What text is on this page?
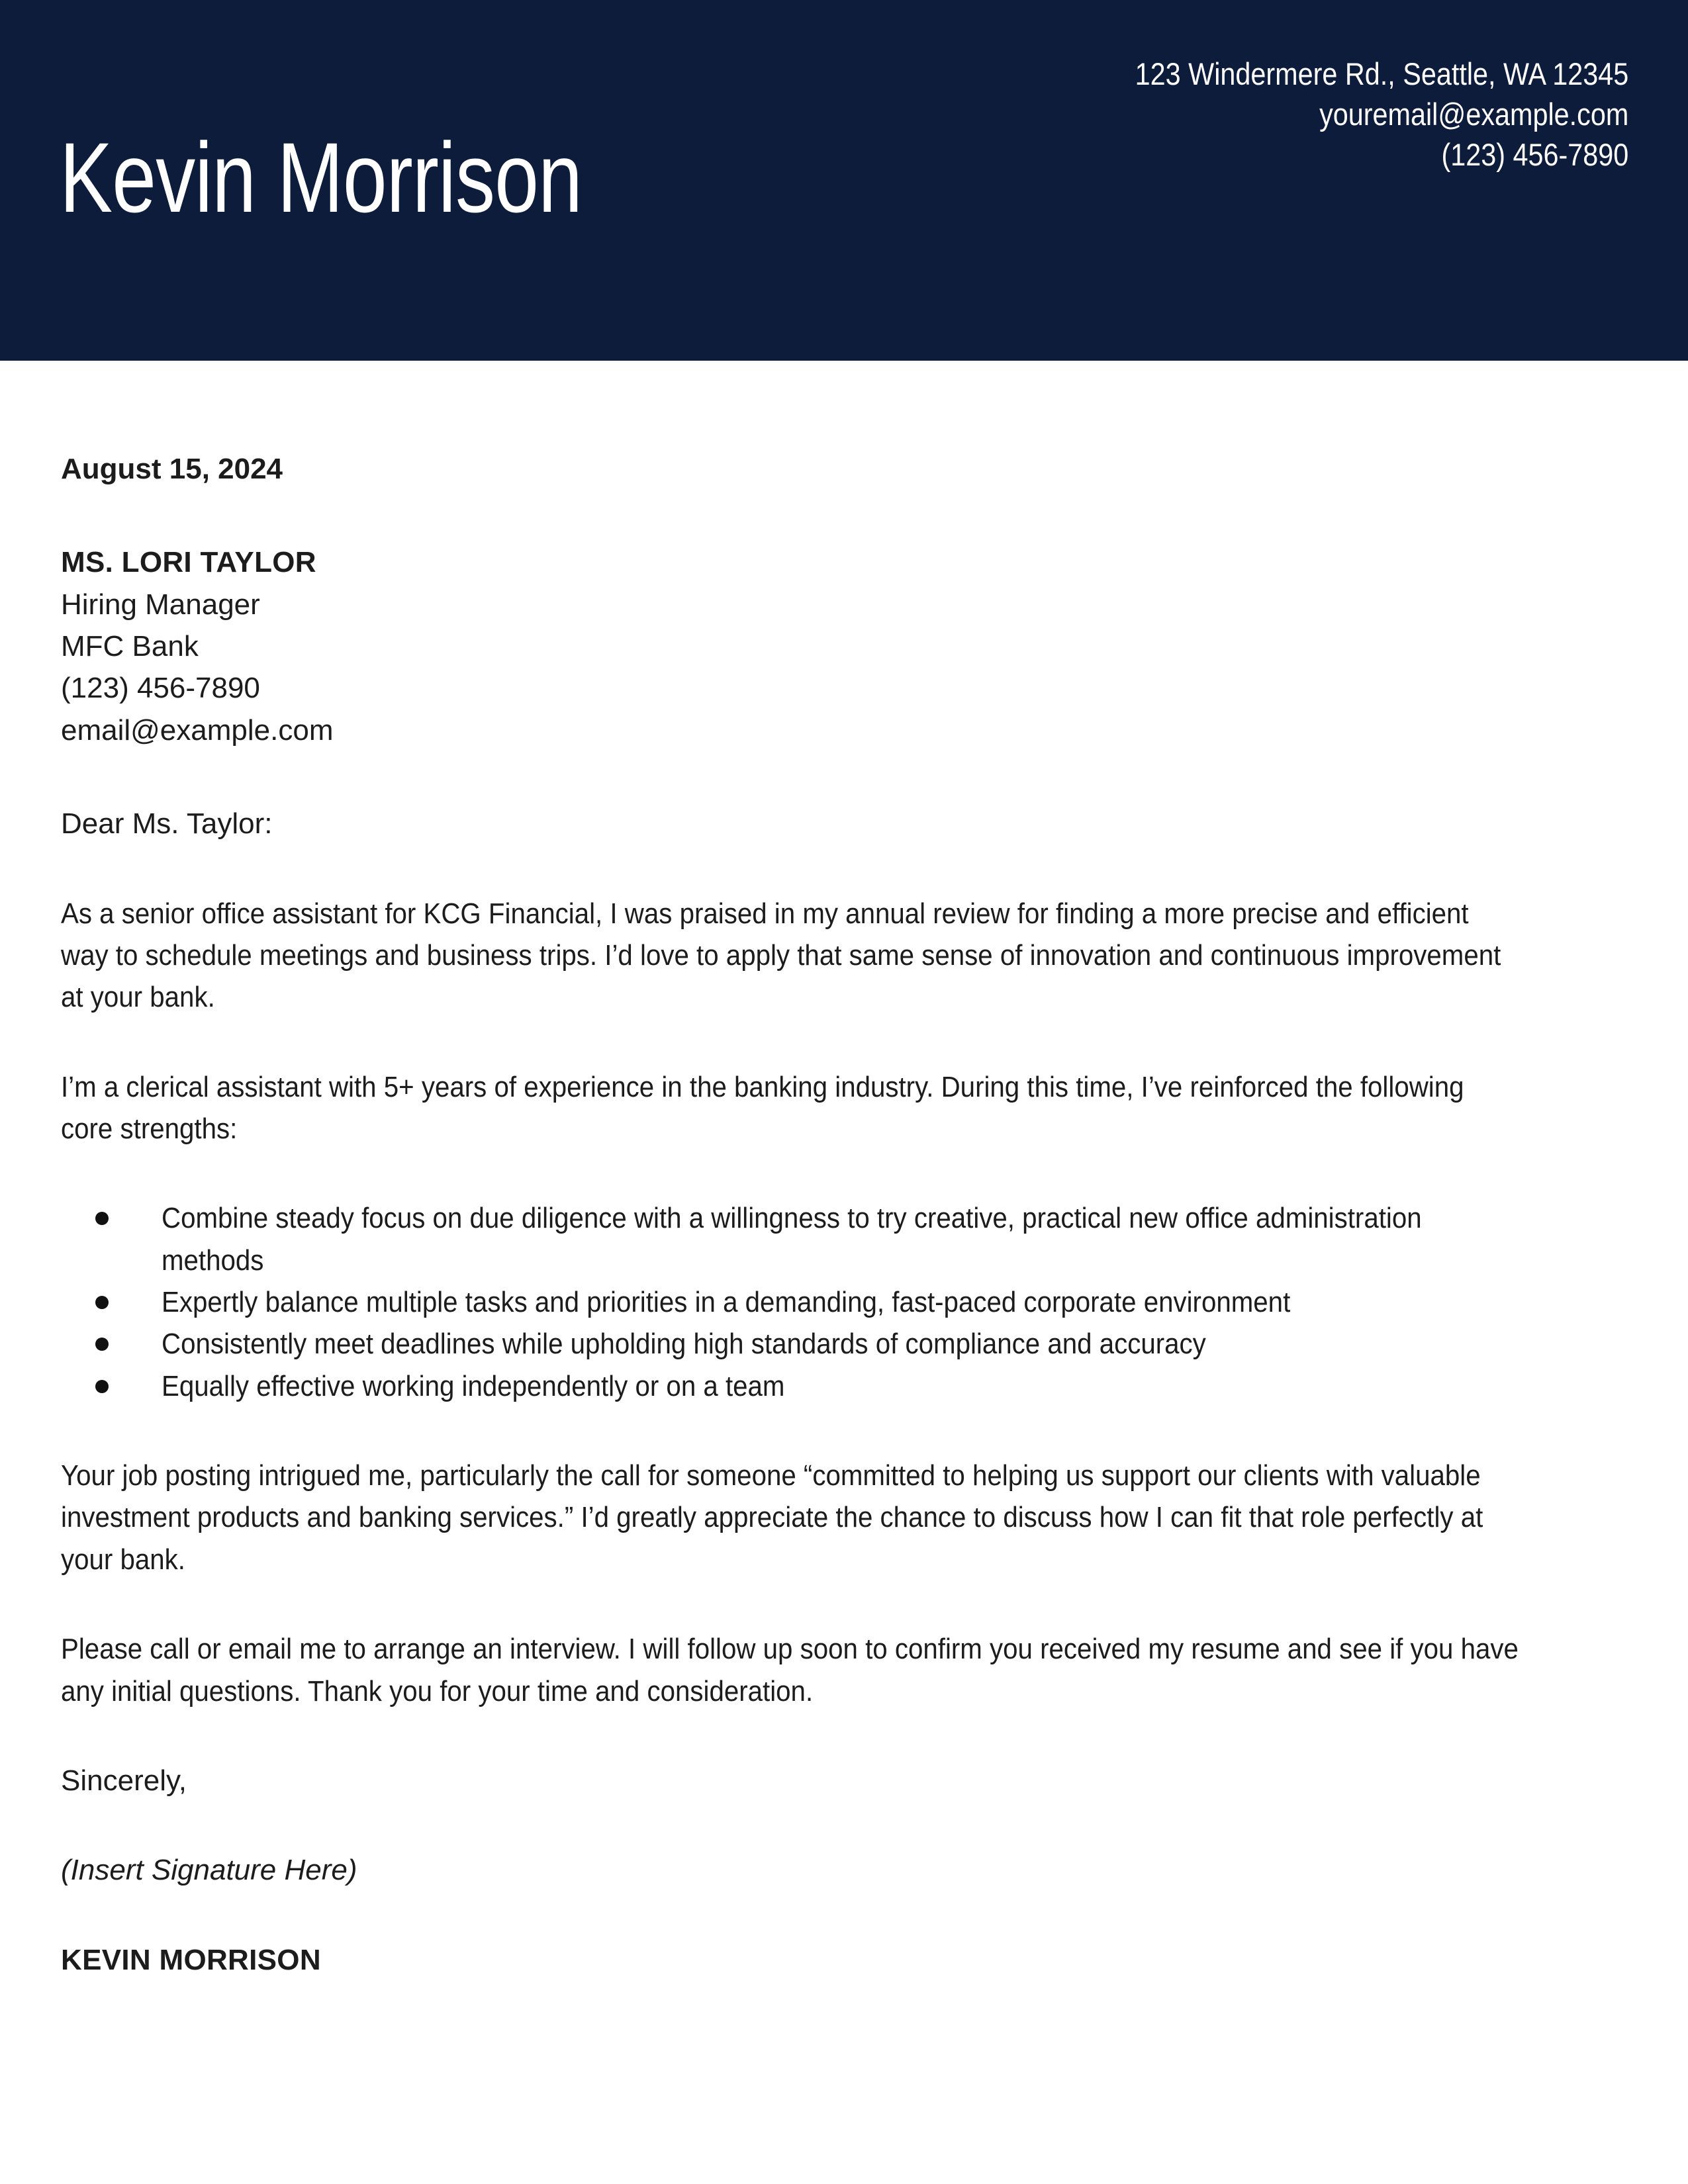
Kevin Morrison
123 Windermere Rd., Seattle, WA 12345
youremail@example.com
(123) 456-7890
August 15, 2024
MS. LORI TAYLOR
Hiring Manager
MFC Bank
(123) 456-7890
email@example.com
Dear Ms. Taylor:
As a senior office assistant for KCG Financial, I was praised in my annual review for finding a more precise and efficient way to schedule meetings and business trips. I’d love to apply that same sense of innovation and continuous improvement at your bank.
I’m a clerical assistant with 5+ years of experience in the banking industry. During this time, I’ve reinforced the following core strengths:
Combine steady focus on due diligence with a willingness to try creative, practical new office administration methods
Expertly balance multiple tasks and priorities in a demanding, fast-paced corporate environment
Consistently meet deadlines while upholding high standards of compliance and accuracy
Equally effective working independently or on a team
Your job posting intrigued me, particularly the call for someone “committed to helping us support our clients with valuable investment products and banking services.” I’d greatly appreciate the chance to discuss how I can fit that role perfectly at your bank.
Please call or email me to arrange an interview. I will follow up soon to confirm you received my resume and see if you have any initial questions. Thank you for your time and consideration.
Sincerely,
(Insert Signature Here)
KEVIN MORRISON
